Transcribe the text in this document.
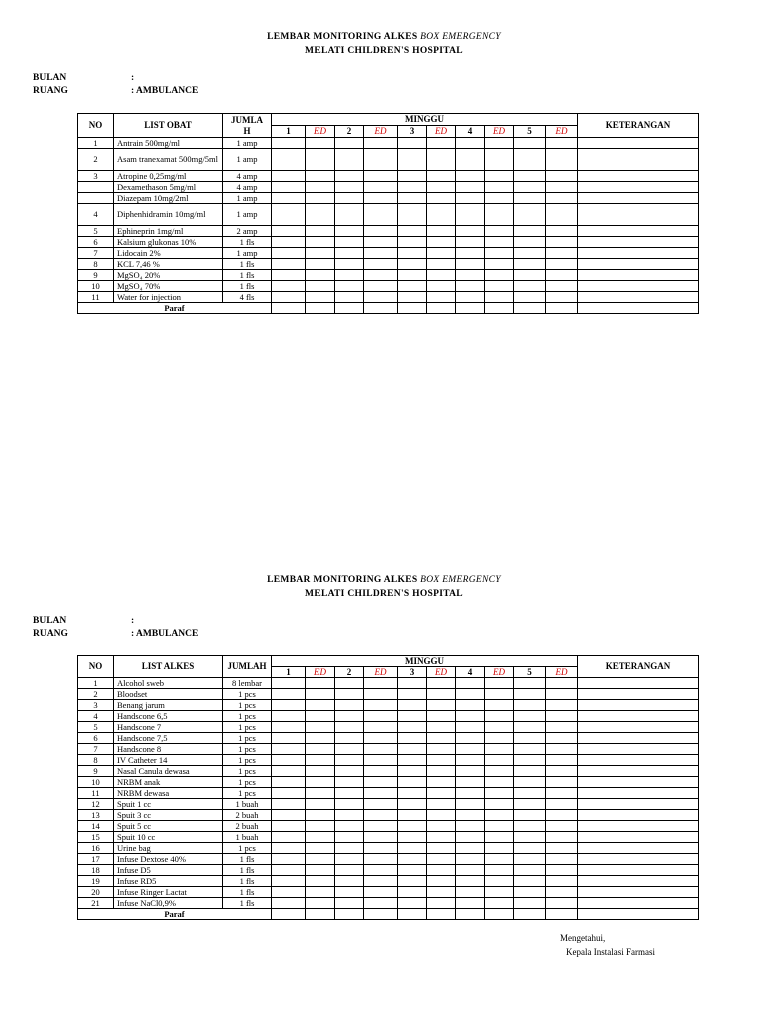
LEMBAR MONITORING ALKES BOX EMERGENCY
MELATI CHILDREN'S HOSPITAL
BULAN	:
RUANG	: AMBULANCE
NO	LIST OBAT	JUMLA
H	MINGGU										KETERANGAN
			1	ED	2	ED	3	ED	4	ED	5	ED	
1	Antrain 500mg/ml	1 amp											
2	Asam tranexamat 500mg/5ml	1 amp											
3	Atropine 0,25mg/ml	4 amp											
	Dexamethason 5mg/ml	4 amp											
	Diazepam 10mg/2ml	1 amp											
4	Diphenhidramin 10mg/ml	1 amp											
5	Ephineprin 1mg/ml	2 amp											
6	Kalsium glukonas 10%	1 fls											
7	Lidocain 2%	1 amp											
8	KCL 7,46 %	1 fls											
9	MgSO₄ 20%	1 fls											
10	MgSO₄ 70%	1 fls											
11	Water for injection	4 fls											
Paraf													
LEMBAR MONITORING ALKES BOX EMERGENCY
MELATI CHILDREN'S HOSPITAL
BULAN	:
RUANG	: AMBULANCE
NO	LIST ALKES	JUMLAH	MINGGU										KETERANGAN
			1	ED	2	ED	3	ED	4	ED	5	ED	
1	Alcohol sweb	8 lembar											
2	Bloodset	1 pcs											
3	Benang jarum	1 pcs											
4	Handscone 6,5	1 pcs											
5	Handscone 7	1 pcs											
6	Handscone 7,5	1 pcs											
7	Handscone 8	1 pcs											
8	IV Catheter 14	1 pcs											
9	Nasal Canula dewasa	1 pcs											
10	NRBM anak	1 pcs											
11	NRBM dewasa	1 pcs											
12	Spuit 1 cc	1 buah											
13	Spuit 3 cc	2 buah											
14	Spuit 5 cc	2 buah											
15	Spuit 10 cc	1 buah											
16	Urine bag	1 pcs											
17	Infuse Dextose 40%	1 fls											
18	Infuse D5	1 fls											
19	Infuse RD5	1 fls											
20	Infuse Ringer Lactat	1 fls											
21	Infuse NaCl0,9%	1 fls											
Paraf													
Mengetahui,
Kepala Instalasi Farmasi
